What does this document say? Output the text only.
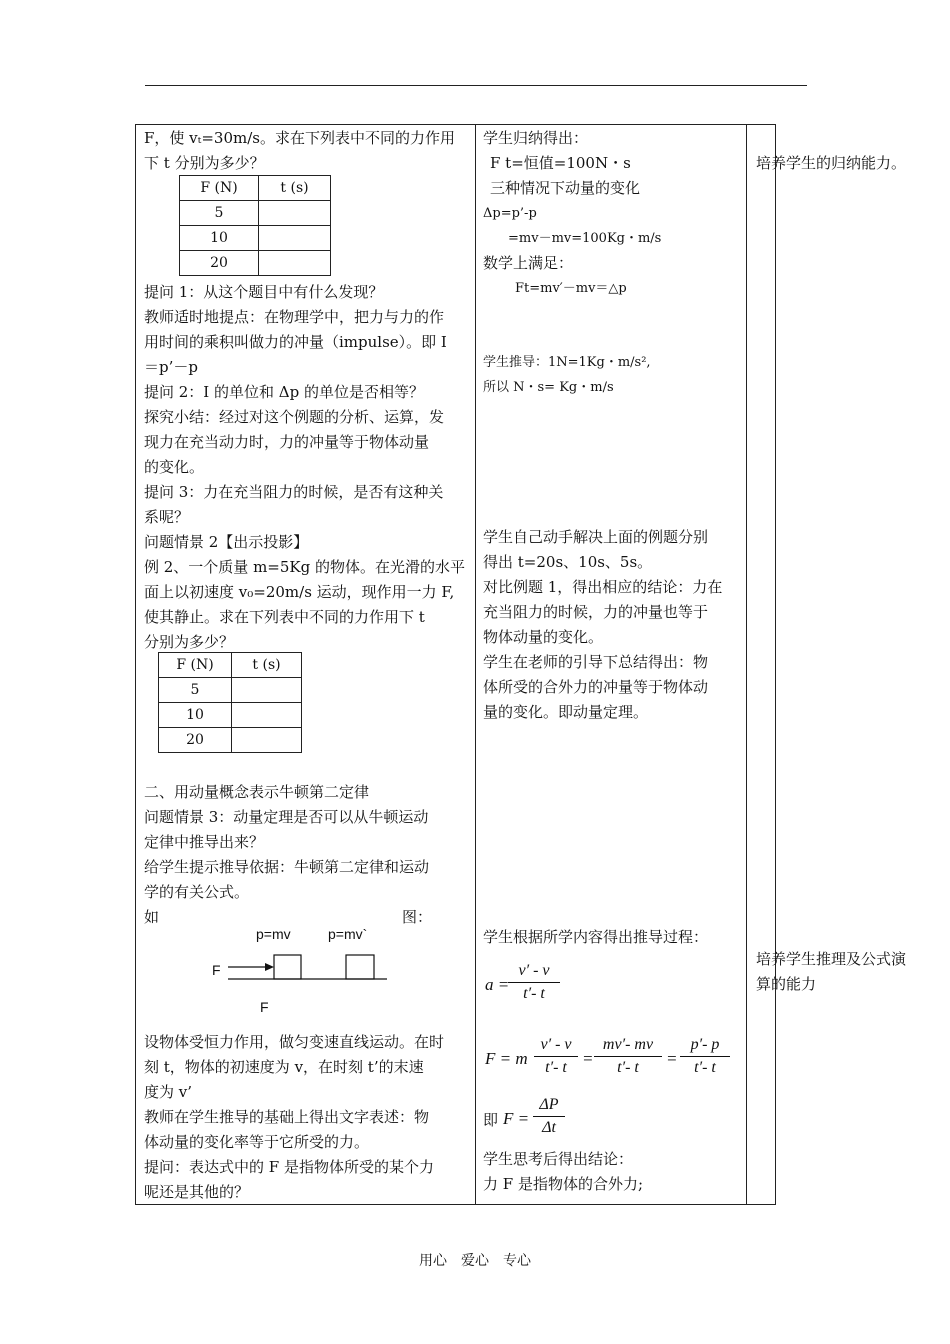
F，使 vₜ=30m/s。求在下列表中不同的力作用
下 t 分别为多少？
F (N)	t (s)
5	
10	
20	
提问 1：从这个题目中有什么发现？
教师适时地提点：在物理学中，把力与力的作
用时间的乘积叫做力的冲量（impulse）。即 I
＝p’－p
提问 2：I 的单位和 Δp 的单位是否相等？
探究小结：经过对这个例题的分析、运算，发
现力在充当动力时，力的冲量等于物体动量
的变化。
提问 3：力在充当阻力的时候，是否有这种关
系呢？
问题情景 2【出示投影】
例 2、一个质量 m=5Kg 的物体。在光滑的水平
面上以初速度 v₀=20m/s 运动，现作用一力 F,
使其静止。求在下列表中不同的力作用下 t
分别为多少？
F (N)	t (s)
5	
10	
20	
二、用动量概念表示牛顿第二定律
问题情景 3：动量定理是否可以从牛顿运动
定律中推导出来？
给学生提示推导依据：牛顿第二定律和运动
学的有关公式。
如	图：
p=mv	p=mv`
F
F
设物体受恒力作用，做匀变速直线运动。在时
刻 t，物体的初速度为 v，在时刻 t’的末速
度为 v’
教师在学生推导的基础上得出文字表述：物
体动量的变化率等于它所受的力。
提问：表达式中的 F 是指物体所受的某个力
呢还是其他的？
学生归纳得出：
F t=恒值=100N・s
三种情况下动量的变化
Δp=p’-p
=mv－mv=100Kg・m/s
数学上满足：
Ft=mv′－mv＝△p
学生推导：1N=1Kg・m/s²,
所以 N・s= Kg・m/s
学生自己动手解决上面的例题分别
得出 t=20s、10s、5s。
对比例题 1，得出相应的结论：力在
充当阻力的时候，力的冲量也等于
物体动量的变化。
学生在老师的引导下总结得出：物
体所受的合外力的冲量等于物体动
量的变化。即动量定理。
学生根据所学内容得出推导过程：
a =
v′ - v
t′- t
F = m
v′ - v
t′- t =
mv′- mv
t′- t	=
p′- p
t′- t
即 F =
ΔP
Δt
学生思考后得出结论：
力 F 是指物体的合外力;
培养学生的归纳能力。
培养学生推理及公式演
算的能力
用心　爱心　专心
